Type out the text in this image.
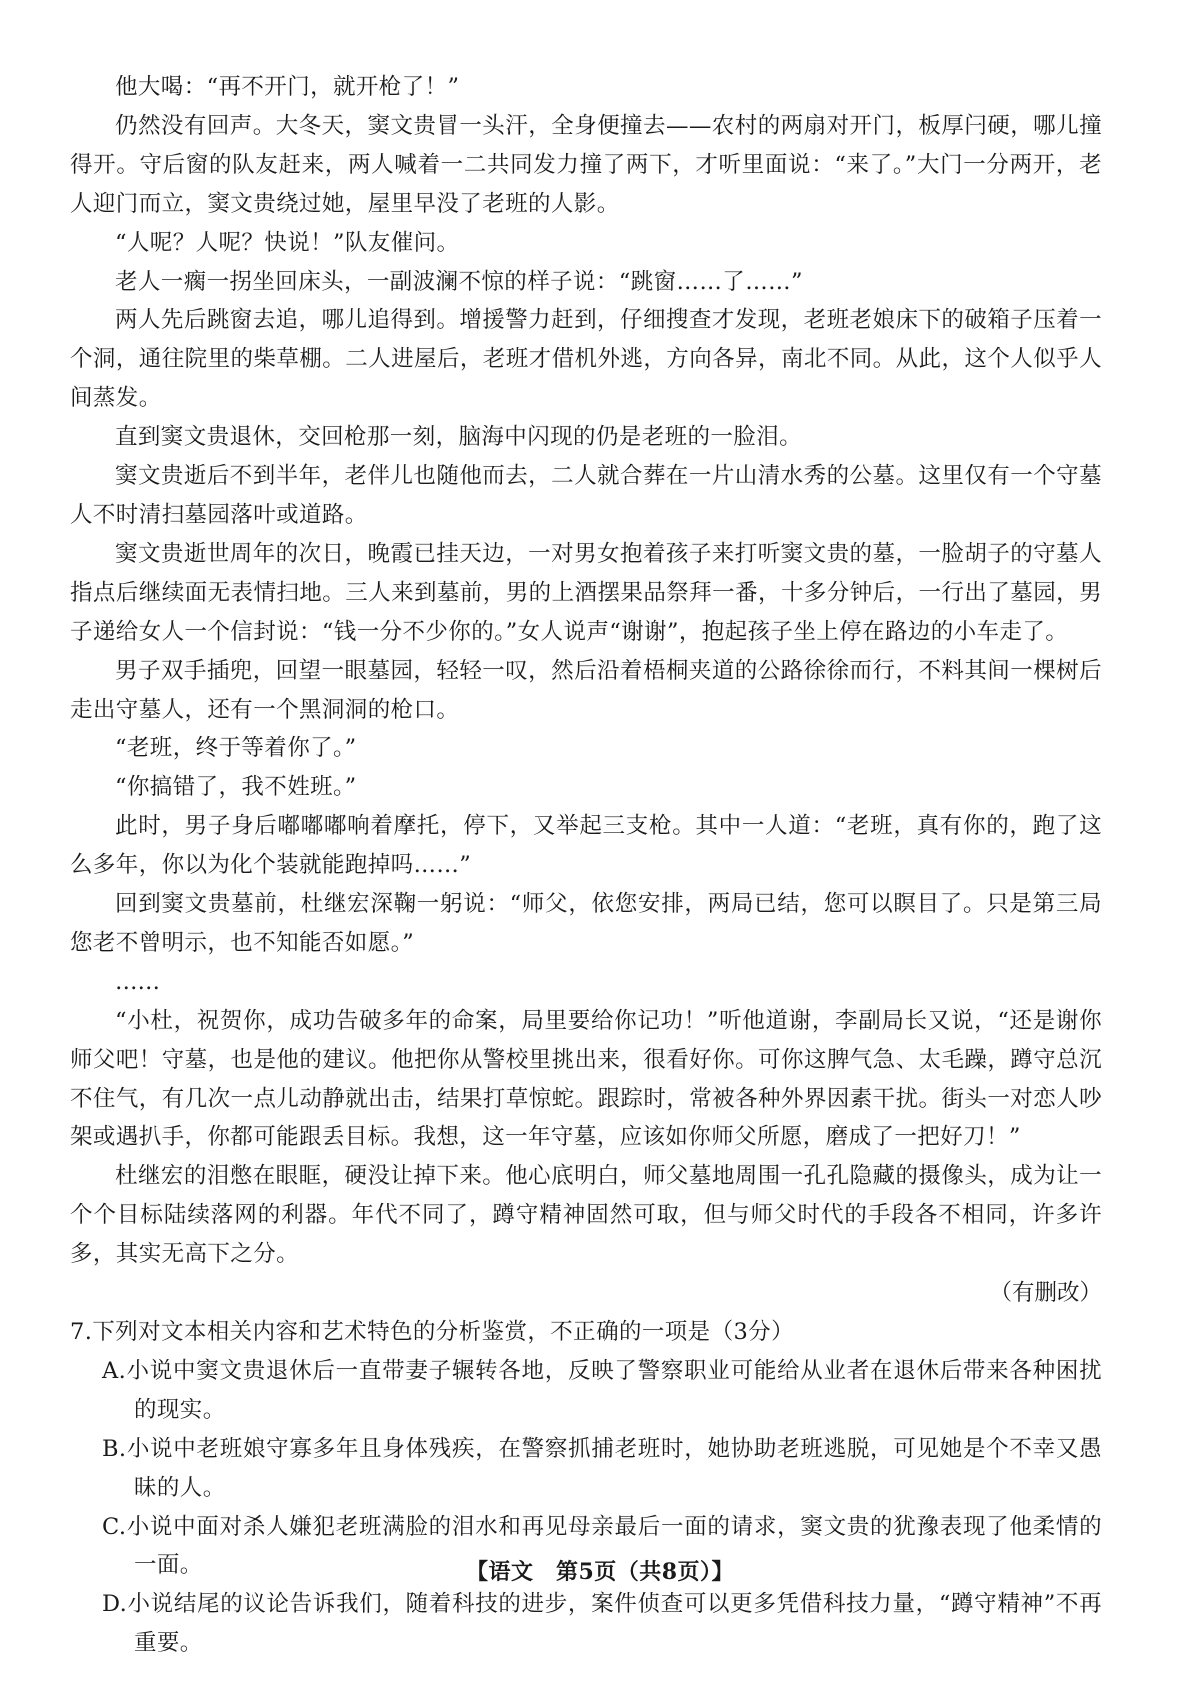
他大喝：“再不开门，就开枪了！”

仍然没有回声。大冬天，窦文贵冒一头汗，全身便撞去——农村的两扇对开门，板厚闩硬，哪儿撞得开。守后窗的队友赶来，两人喊着一二共同发力撞了两下，才听里面说：“来了。”大门一分两开，老人迎门而立，窦文贵绕过她，屋里早没了老班的人影。

“人呢？人呢？快说！”队友催问。

老人一瘸一拐坐回床头，一副波澜不惊的样子说：“跳窗……了……”

两人先后跳窗去追，哪儿追得到。增援警力赶到，仔细搜查才发现，老班老娘床下的破箱子压着一个洞，通往院里的柴草棚。二人进屋后，老班才借机外逃，方向各异，南北不同。从此，这个人似乎人间蒸发。

直到窦文贵退休，交回枪那一刻，脑海中闪现的仍是老班的一脸泪。

窦文贵逝后不到半年，老伴儿也随他而去，二人就合葬在一片山清水秀的公墓。这里仅有一个守墓人不时清扫墓园落叶或道路。

窦文贵逝世周年的次日，晚霞已挂天边，一对男女抱着孩子来打听窦文贵的墓，一脸胡子的守墓人指点后继续面无表情扫地。三人来到墓前，男的上酒摆果品祭拜一番，十多分钟后，一行出了墓园，男子递给女人一个信封说：“钱一分不少你的。”女人说声“谢谢”，抱起孩子坐上停在路边的小车走了。

男子双手插兜，回望一眼墓园，轻轻一叹，然后沿着梧桐夹道的公路徐徐而行，不料其间一棵树后走出守墓人，还有一个黑洞洞的枪口。

“老班，终于等着你了。”

“你搞错了，我不姓班。”

此时，男子身后嘟嘟嘟响着摩托，停下，又举起三支枪。其中一人道：“老班，真有你的，跑了这么多年，你以为化个装就能跑掉吗……”

回到窦文贵墓前，杜继宏深鞠一躬说：“师父，依您安排，两局已结，您可以瞑目了。只是第三局您老不曾明示，也不知能否如愿。”

……

“小杜，祝贺你，成功告破多年的命案，局里要给你记功！”听他道谢，李副局长又说，“还是谢你师父吧！守墓，也是他的建议。他把你从警校里挑出来，很看好你。可你这脾气急、太毛躁，蹲守总沉不住气，有几次一点儿动静就出击，结果打草惊蛇。跟踪时，常被各种外界因素干扰。街头一对恋人吵架或遇扒手，你都可能跟丢目标。我想，这一年守墓，应该如你师父所愿，磨成了一把好刀！”

杜继宏的泪憋在眼眶，硬没让掉下来。他心底明白，师父墓地周围一孔孔隐藏的摄像头，成为让一个个目标陆续落网的利器。年代不同了，蹲守精神固然可取，但与师父时代的手段各不相同，许多许多，其实无高下之分。

（有删改）

7.下列对文本相关内容和艺术特色的分析鉴赏，不正确的一项是（3分）

A.小说中窦文贵退休后一直带妻子辗转各地，反映了警察职业可能给从业者在退休后带来各种困扰的现实。

B.小说中老班娘守寡多年且身体残疾，在警察抓捕老班时，她协助老班逃脱，可见她是个不幸又愚昧的人。

C.小说中面对杀人嫌犯老班满脸的泪水和再见母亲最后一面的请求，窦文贵的犹豫表现了他柔情的一面。

D.小说结尾的议论告诉我们，随着科技的进步，案件侦查可以更多凭借科技力量，“蹲守精神”不再重要。

【语文　第5页（共8页）】
